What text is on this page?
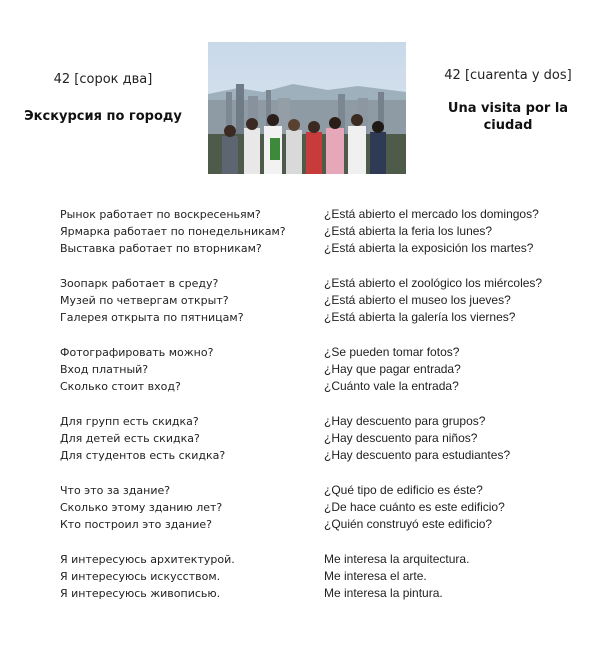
42 [сорок два]
Экскурсия по городу
42 [cuarenta y dos]
Una visita por la ciudad
Рынок работает по воскресеньям?
Ярмарка работает по понедельникам?
Выставка работает по вторникам?
Зоопарк работает в среду?
Музей по четвергам открыт?
Галерея открыта по пятницам?
Фотографировать можно?
Вход платный?
Сколько стоит вход?
Для групп есть скидка?
Для детей есть скидка?
Для студентов есть скидка?
Что это за здание?
Сколько этому зданию лет?
Кто построил это здание?
Я интересуюсь архитектурой.
Я интересуюсь искусством.
Я интересуюсь живописью.
¿Está abierto el mercado los domingos?
¿Está abierta la feria los lunes?
¿Está abierta la exposición los martes?
¿Está abierto el zoológico los miércoles?
¿Está abierto el museo los jueves?
¿Está abierta la galería los viernes?
¿Se pueden tomar fotos?
¿Hay que pagar entrada?
¿Cuánto vale la entrada?
¿Hay descuento para grupos?
¿Hay descuento para niños?
¿Hay descuento para estudiantes?
¿Qué tipo de edificio es éste?
¿De hace cuánto es este edificio?
¿Quién construyó este edificio?
Me interesa la arquitectura.
Me interesa el arte.
Me interesa la pintura.
